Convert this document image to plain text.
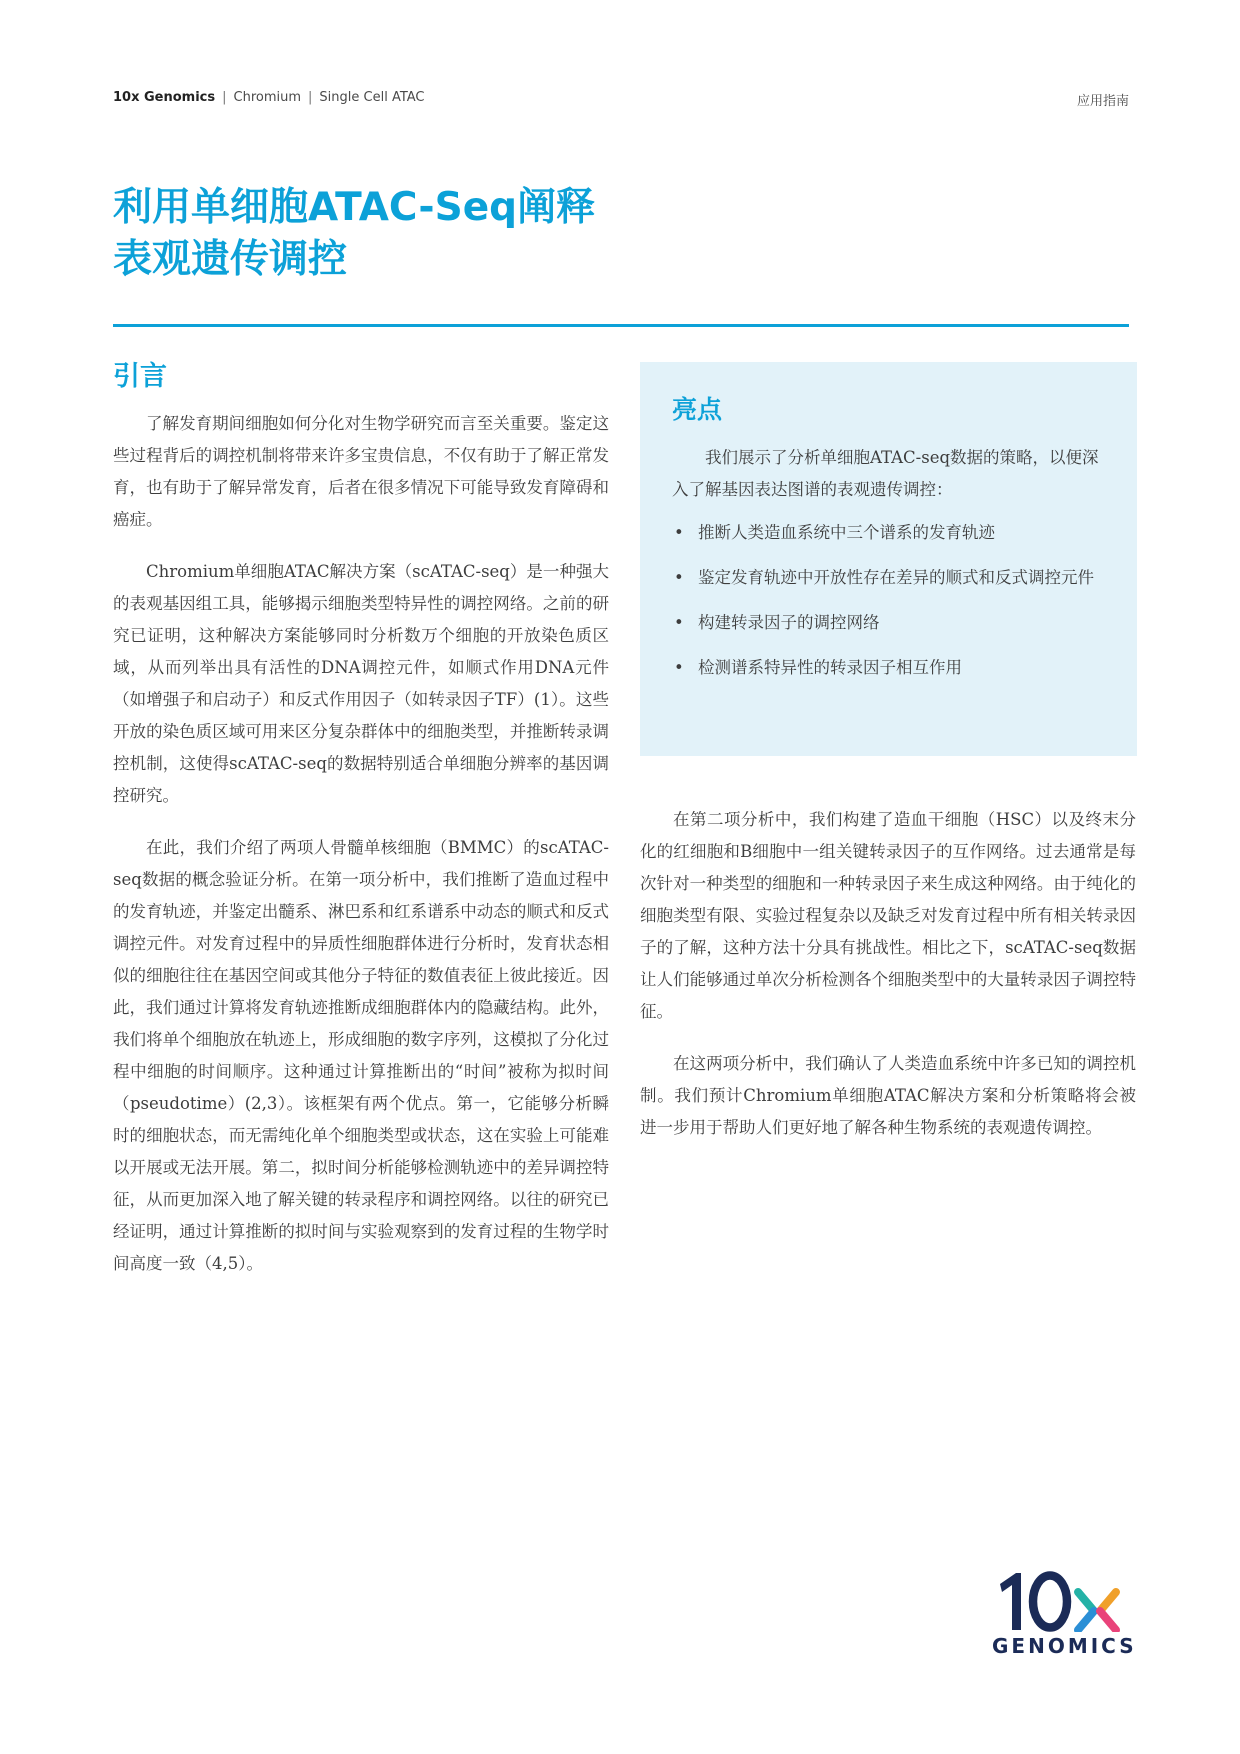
10x Genomics | Chromium | Single Cell ATAC	应用指南
利用单细胞ATAC-Seq阐释
表观遗传调控
引言

了解发育期间细胞如何分化对生物学研究而言至关重要。鉴定这些过程背后的调控机制将带来许多宝贵信息，不仅有助于了解正常发育，也有助于了解异常发育，后者在很多情况下可能导致发育障碍和癌症。

Chromium单细胞ATAC解决方案（scATAC-seq）是一种强大的表观基因组工具，能够揭示细胞类型特异性的调控网络。之前的研究已证明，这种解决方案能够同时分析数万个细胞的开放染色质区域，从而列举出具有活性的DNA调控元件，如顺式作用DNA元件（如增强子和启动子）和反式作用因子（如转录因子TF）(1）。这些开放的染色质区域可用来区分复杂群体中的细胞类型，并推断转录调控机制，这使得scATAC-seq的数据特别适合单细胞分辨率的基因调控研究。

在此，我们介绍了两项人骨髓单核细胞（BMMC）的scATAC-seq数据的概念验证分析。在第一项分析中，我们推断了造血过程中的发育轨迹，并鉴定出髓系、淋巴系和红系谱系中动态的顺式和反式调控元件。对发育过程中的异质性细胞群体进行分析时，发育状态相似的细胞往往在基因空间或其他分子特征的数值表征上彼此接近。因此，我们通过计算将发育轨迹推断成细胞群体内的隐藏结构。此外，我们将单个细胞放在轨迹上，形成细胞的数字序列，这模拟了分化过程中细胞的时间顺序。这种通过计算推断出的“时间”被称为拟时间（pseudotime）(2,3）。该框架有两个优点。第一，它能够分析瞬时的细胞状态，而无需纯化单个细胞类型或状态，这在实验上可能难以开展或无法开展。第二，拟时间分析能够检测轨迹中的差异调控特征，从而更加深入地了解关键的转录程序和调控网络。以往的研究已经证明，通过计算推断的拟时间与实验观察到的发育过程的生物学时间高度一致（4,5）。

亮点

我们展示了分析单细胞ATAC-seq数据的策略，以便深入了解基因表达图谱的表观遗传调控：

• 推断人类造血系统中三个谱系的发育轨迹
• 鉴定发育轨迹中开放性存在差异的顺式和反式调控元件
• 构建转录因子的调控网络
• 检测谱系特异性的转录因子相互作用

在第二项分析中，我们构建了造血干细胞（HSC）以及终末分化的红细胞和B细胞中一组关键转录因子的互作网络。过去通常是每次针对一种类型的细胞和一种转录因子来生成这种网络。由于纯化的细胞类型有限、实验过程复杂以及缺乏对发育过程中所有相关转录因子的了解，这种方法十分具有挑战性。相比之下，scATAC-seq数据让人们能够通过单次分析检测各个细胞类型中的大量转录因子调控特征。

在这两项分析中，我们确认了人类造血系统中许多已知的调控机制。我们预计Chromium单细胞ATAC解决方案和分析策略将会被进一步用于帮助人们更好地了解各种生物系统的表观遗传调控。

GENOMICS
